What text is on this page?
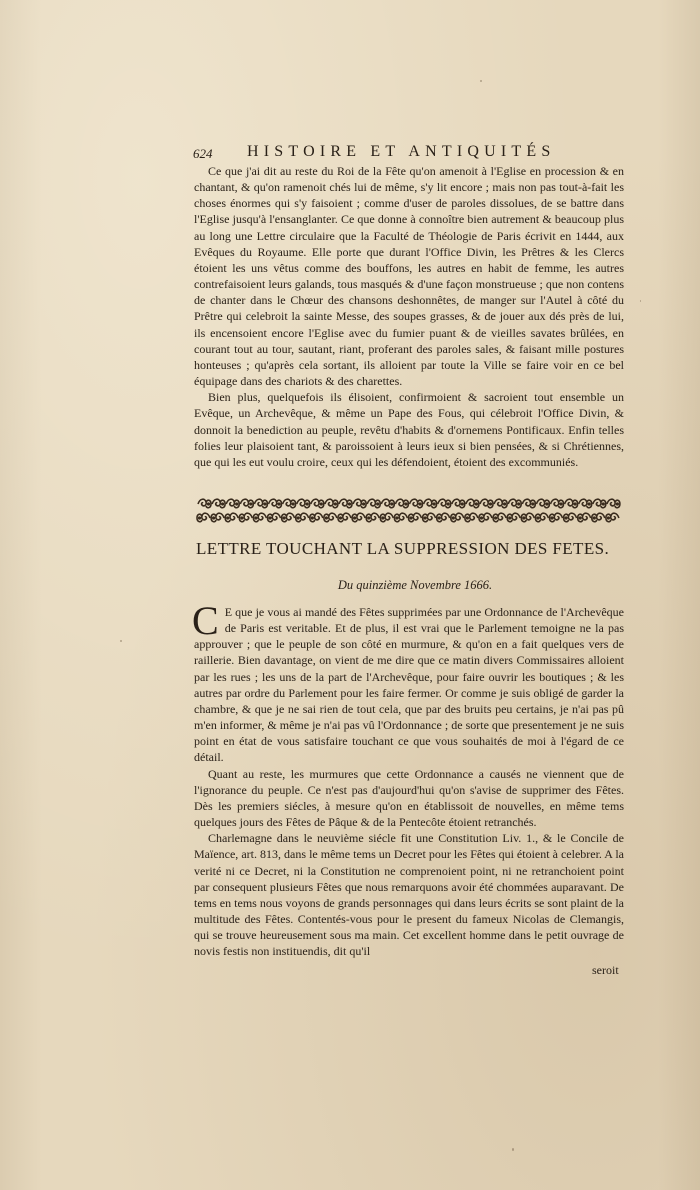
624 HISTOIRE ET ANTIQUITÉS

Ce que j'ai dit au reste du Roi de la Fête qu'on amenoit à l'Eglise en procession & en chantant, & qu'on ramenoit chés lui de même, s'y lit encore ; mais non pas tout-à-fait les choses énormes qui s'y faisoient ; comme d'user de paroles dissolues, de se battre dans l'Eglise jusqu'à l'ensanglanter. Ce que donne à connoître bien autrement & beaucoup plus au long une Lettre circulaire que la Faculté de Théologie de Paris écrivit en 1444, aux Evêques du Royaume. Elle porte que durant l'Office Divin, les Prêtres & les Clercs étoient les uns vêtus comme des bouffons, les autres en habit de femme, les autres contrefaisoient leurs galands, tous masqués & d'une façon monstrueuse ; que non contens de chanter dans le Chœur des chansons deshonnêtes, de manger sur l'Autel à côté du Prêtre qui celebroit la sainte Messe, des soupes grasses, & de jouer aux dés près de lui, ils encensoient encore l'Eglise avec du fumier puant & de vieilles savates brûlées, en courant tout au tour, sautant, riant, proferant des paroles sales, & faisant mille postures honteuses ; qu'après cela sortant, ils alloient par toute la Ville se faire voir en ce bel équipage dans des chariots & des charettes.

Bien plus, quelquefois ils élisoient, confirmoient & sacroient tout ensemble un Evêque, un Archevêque, & même un Pape des Fous, qui célebroit l'Office Divin, & donnoit la benediction au peuple, revêtu d'habits & d'ornemens Pontificaux. Enfin telles folies leur plaisoient tant, & paroissoient à leurs ieux si bien pensées, & si Chrétiennes, que qui les eut voulu croire, ceux qui les défendoient, étoient des excommuniés.

LETTRE TOUCHANT LA SUPPRESSION DES FETES.
Du quinzième Novembre 1666.

C E que je vous ai mandé des Fêtes supprimées par une Ordonnance de l'Archevêque de Paris est veritable. Et de plus, il est vrai que le Parlement temoigne ne la pas approuver ; que le peuple de son côté en murmure, & qu'on en a fait quelques vers de raillerie. Bien davantage, on vient de me dire que ce matin divers Commissaires alloient par les rues ; les uns de la part de l'Archevêque, pour faire ouvrir les boutiques ; & les autres par ordre du Parlement pour les faire fermer. Or comme je suis obligé de garder la chambre, & que je ne sai rien de tout cela, que par des bruits peu certains, je n'ai pas pû m'en informer, & même je n'ai pas vû l'Ordonnance ; de sorte que presentement je ne suis point en état de vous satisfaire touchant ce que vous souhaités de moi à l'égard de ce détail.

Quant au reste, les murmures que cette Ordonnance a causés ne viennent que de l'ignorance du peuple. Ce n'est pas d'aujourd'hui qu'on s'avise de supprimer des Fêtes. Dès les premiers siécles, à mesure qu'on en établissoit de nouvelles, en même tems quelques jours des Fêtes de Pâque & de la Pentecôte étoient retranchés.

Charlemagne dans le neuvième siécle fit une Constitution Liv. 1., & le Concile de Maïence, art. 813, dans le même tems un Decret pour les Fêtes qui étoient à celebrer. A la verité ni ce Decret, ni la Constitution ne comprenoient point, ni ne retranchoient point par consequent plusieurs Fêtes que nous remarquons avoir été chommées auparavant. De tems en tems nous voyons de grands personnages qui dans leurs écrits se sont plaint de la multitude des Fêtes. Contentés-vous pour le present du fameux Nicolas de Clemangis, qui se trouve heureusement sous ma main. Cet excellent homme dans le petit ouvrage de novis festis non instituendis, dit qu'il

seroit
